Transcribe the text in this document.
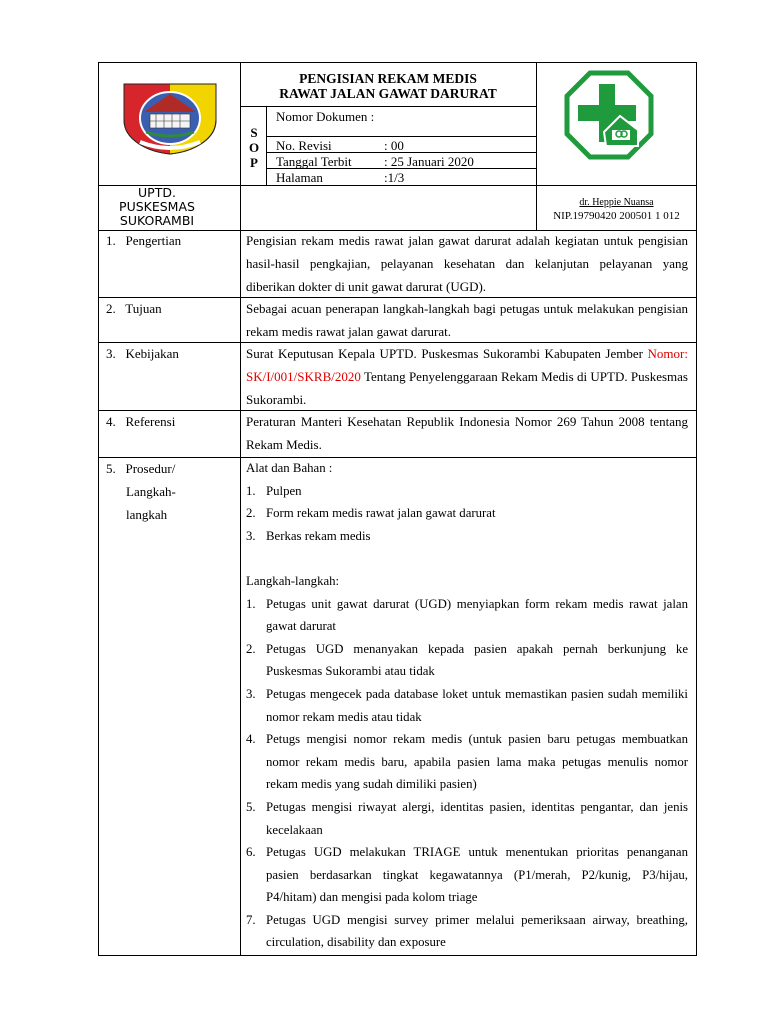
PENGISIAN REKAM MEDIS
RAWAT JALAN GAWAT DARURAT
S
O
P
Nomor Dokumen :
No. Revisi	: 00
Tanggal Terbit : 25 Januari 2020
Halaman	:1/3
UPTD.
PUSKESMAS
SUKORAMBI
dr. Heppie Nuansa
NIP.19790420 200501 1 012
1.   Pengertian	Pengisian rekam medis rawat jalan gawat darurat adalah kegiatan untuk pengisian hasil-hasil pengkajian, pelayanan kesehatan dan kelanjutan pelayanan yang diberikan dokter di unit gawat darurat (UGD).

2.   Tujuan	Sebagai acuan penerapan langkah-langkah bagi petugas untuk melakukan pengisian rekam medis rawat jalan gawat darurat.

3.   Kebijakan	Surat Keputusan Kepala UPTD. Puskesmas Sukorambi Kabupaten Jember Nomor: SK/I/001/SKRB/2020 Tentang Penyelenggaraan Rekam Medis di UPTD. Puskesmas Sukorambi.

4.   Referensi	Peraturan Manteri Kesehatan Republik Indonesia Nomor 269 Tahun 2008 tentang Rekam Medis.

5.   Prosedur/
Langkah-
langkah

Alat dan Bahan :

1. Pulpen
2. Form rekam medis rawat jalan gawat darurat
3. Berkas rekam medis

Langkah-langkah:

1. Petugas unit gawat darurat (UGD) menyiapkan form rekam medis rawat jalan gawat darurat
2. Petugas UGD menanyakan kepada pasien apakah pernah berkunjung ke Puskesmas Sukorambi atau tidak
3. Petugas mengecek pada database loket untuk memastikan pasien sudah memiliki nomor rekam medis atau tidak
4. Petugs mengisi nomor rekam medis (untuk pasien baru petugas membuatkan nomor rekam medis baru, apabila pasien lama maka petugas menulis nomor rekam medis yang sudah dimiliki pasien)
5. Petugas mengisi riwayat alergi, identitas pasien, identitas pengantar, dan jenis kecelakaan
6. Petugas UGD melakukan TRIAGE untuk menentukan prioritas penanganan pasien berdasarkan tingkat kegawatannya (P1/merah, P2/kunig, P3/hijau, P4/hitam) dan mengisi pada kolom triage
7. Petugas UGD mengisi survey primer melalui pemeriksaan airway, breathing, circulation, disability dan exposure
